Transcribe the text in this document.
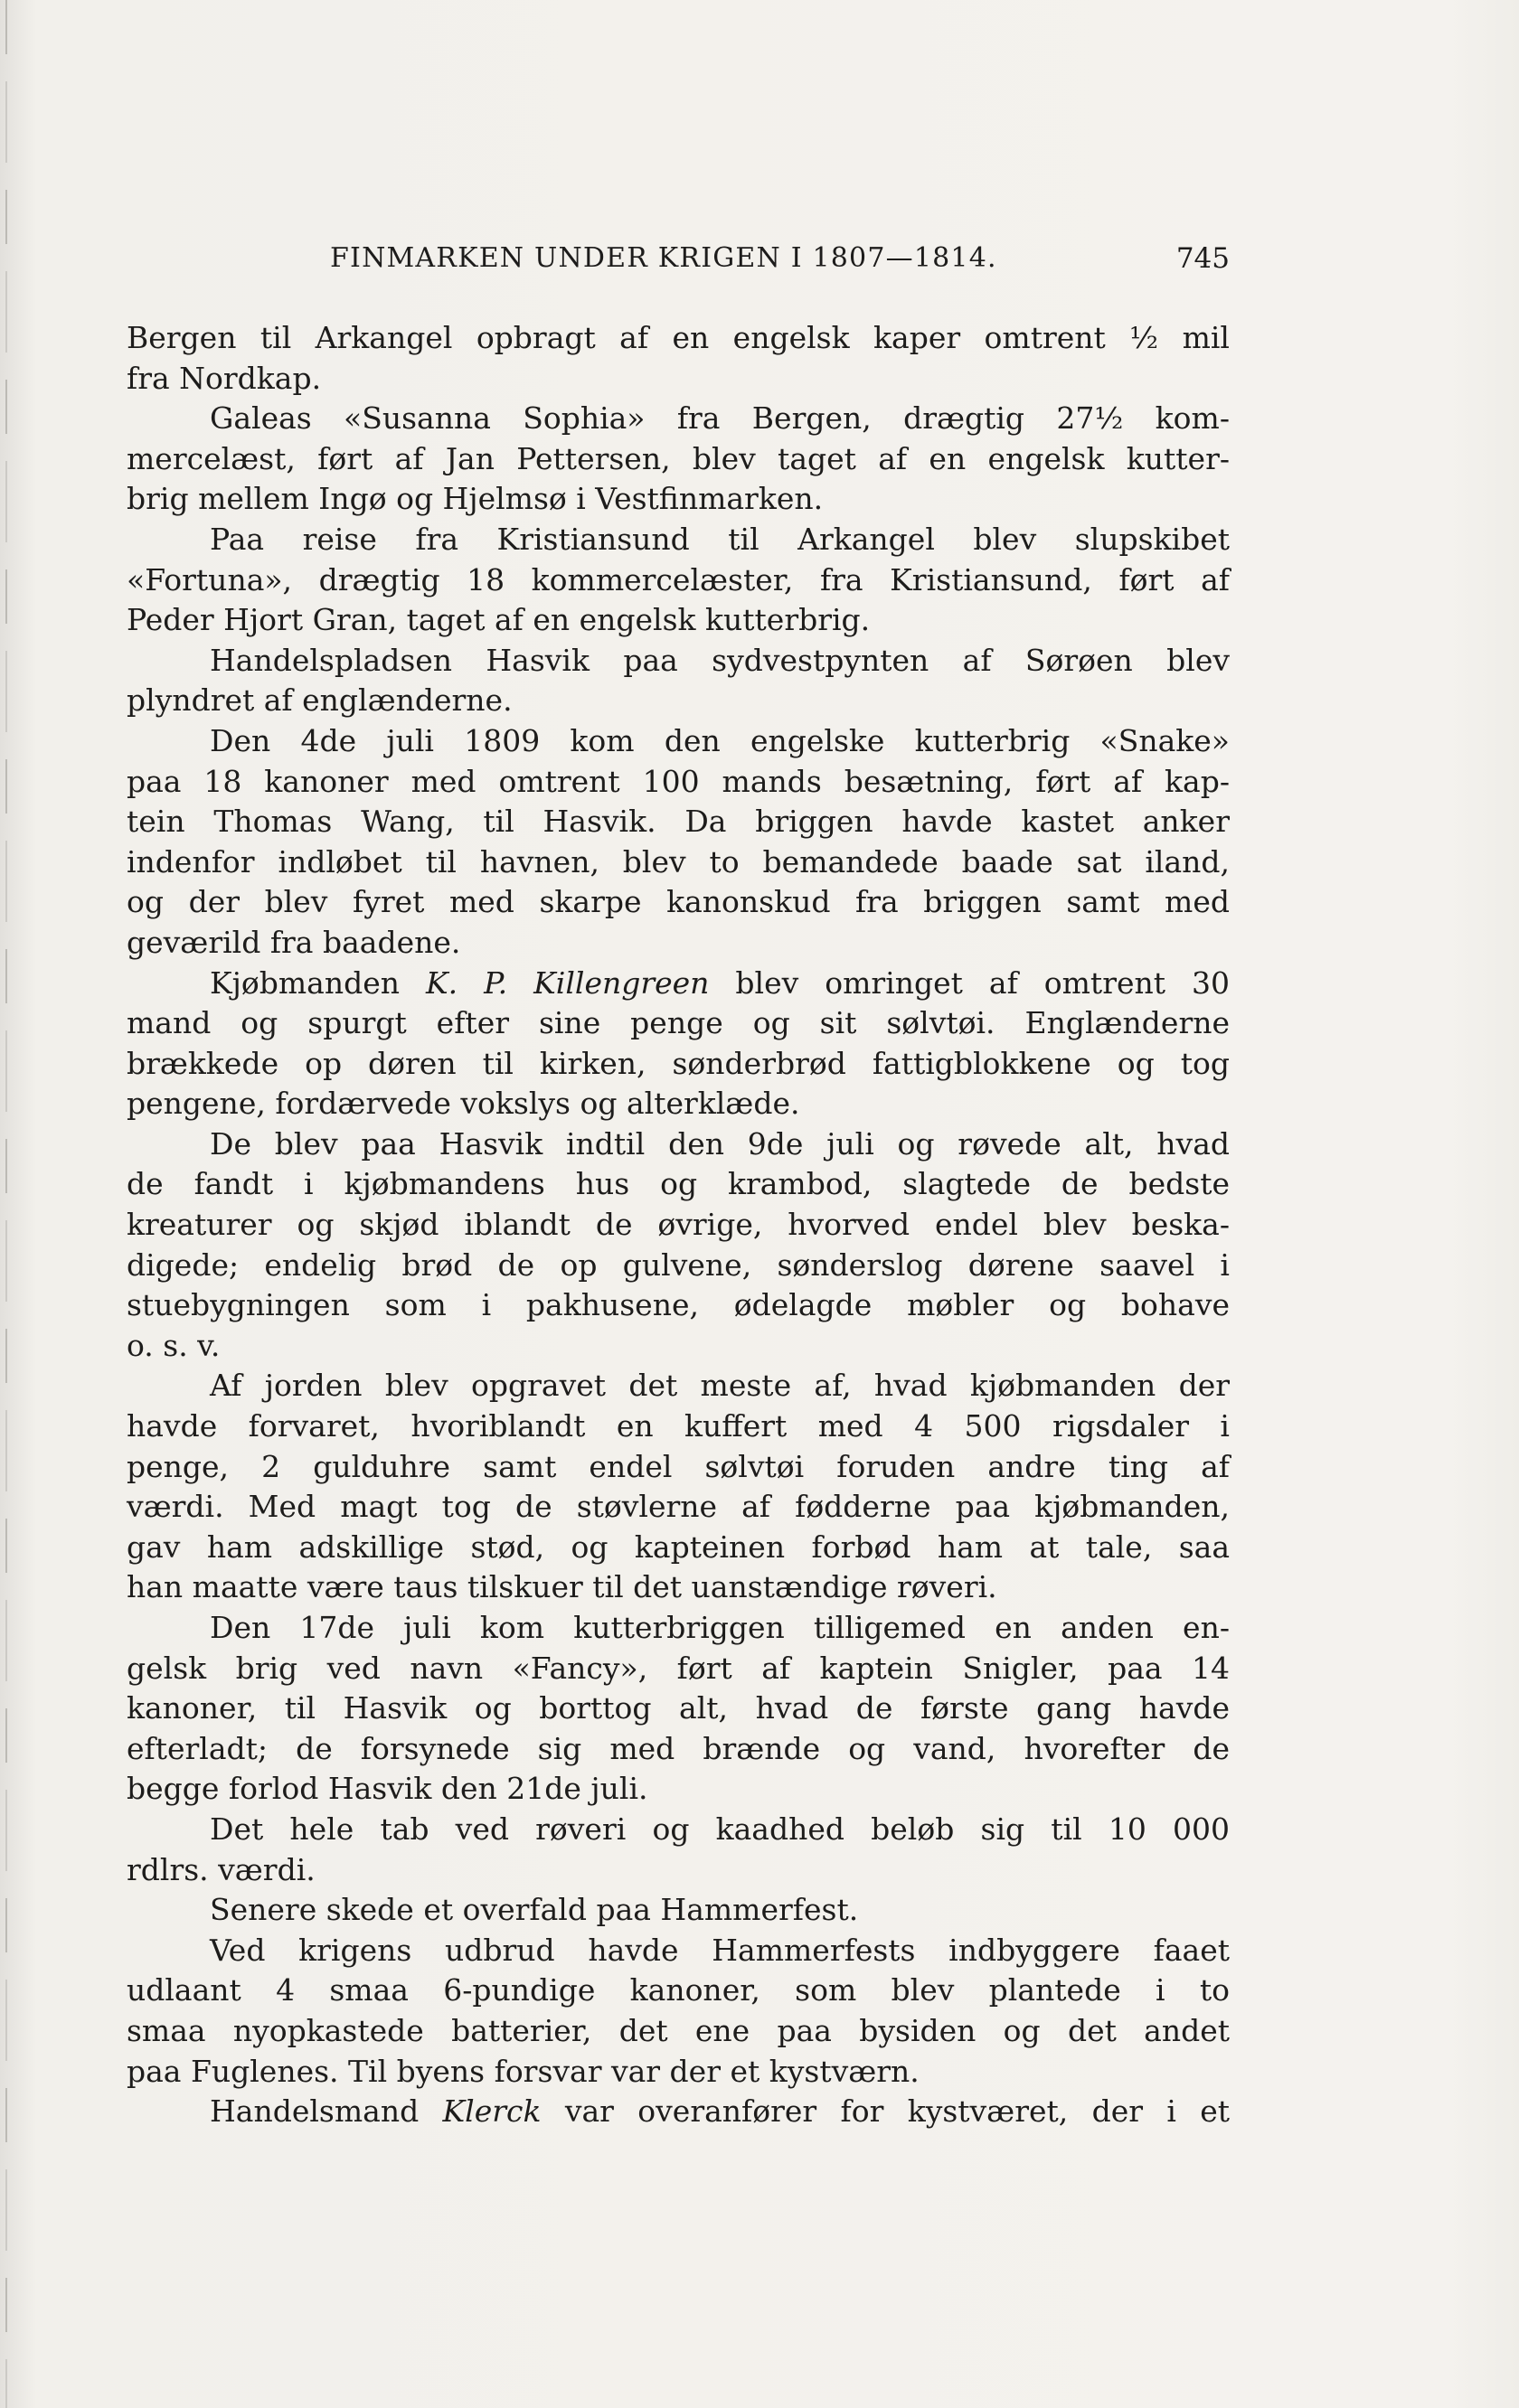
FINMARKEN UNDER KRIGEN I 1807—1814.	745
Bergen til Arkangel opbragt af en engelsk kaper omtrent ½ mil
fra Nordkap.
Galeas «Susanna Sophia» fra Bergen, drægtig 27½ kom-
mercelæst, ført af Jan Pettersen, blev taget af en engelsk kutter-
brig mellem Ingø og Hjelmsø i Vestfinmarken.
Paa reise fra Kristiansund til Arkangel blev slupskibet
«Fortuna», drægtig 18 kommercelæster, fra Kristiansund, ført af
Peder Hjort Gran, taget af en engelsk kutterbrig.
Handelspladsen Hasvik paa sydvestpynten af Sørøen blev
plyndret af englænderne.
Den 4de juli 1809 kom den engelske kutterbrig «Snake»
paa 18 kanoner med omtrent 100 mands besætning, ført af kap-
tein Thomas Wang, til Hasvik. Da briggen havde kastet anker
indenfor indløbet til havnen, blev to bemandede baade sat iland,
og der blev fyret med skarpe kanonskud fra briggen samt med
geværild fra baadene.
Kjøbmanden K. P. Killengreen blev omringet af omtrent 30
mand og spurgt efter sine penge og sit sølvtøi. Englænderne
brækkede op døren til kirken, sønderbrød fattigblokkene og tog
pengene, fordærvede vokslys og alterklæde.
De blev paa Hasvik indtil den 9de juli og røvede alt, hvad
de fandt i kjøbmandens hus og krambod, slagtede de bedste
kreaturer og skjød iblandt de øvrige, hvorved endel blev beska-
digede; endelig brød de op gulvene, sønderslog dørene saavel i
stuebygningen som i pakhusene, ødelagde møbler og bohave
o. s. v.
Af jorden blev opgravet det meste af, hvad kjøbmanden der
havde forvaret, hvoriblandt en kuffert med 4 500 rigsdaler i
penge, 2 gulduhre samt endel sølvtøi foruden andre ting af
værdi. Med magt tog de støvlerne af fødderne paa kjøbmanden,
gav ham adskillige stød, og kapteinen forbød ham at tale, saa
han maatte være taus tilskuer til det uanstændige røveri.
Den 17de juli kom kutterbriggen tilligemed en anden en-
gelsk brig ved navn «Fancy», ført af kaptein Snigler, paa 14
kanoner, til Hasvik og borttog alt, hvad de første gang havde
efterladt; de forsynede sig med brænde og vand, hvorefter de
begge forlod Hasvik den 21de juli.
Det hele tab ved røveri og kaadhed beløb sig til 10 000
rdlrs. værdi.
Senere skede et overfald paa Hammerfest.
Ved krigens udbrud havde Hammerfests indbyggere faaet
udlaant 4 smaa 6-pundige kanoner, som blev plantede i to
smaa nyopkastede batterier, det ene paa bysiden og det andet
paa Fuglenes. Til byens forsvar var der et kystværn.
Handelsmand Klerck var overanfører for kystværet, der i et
